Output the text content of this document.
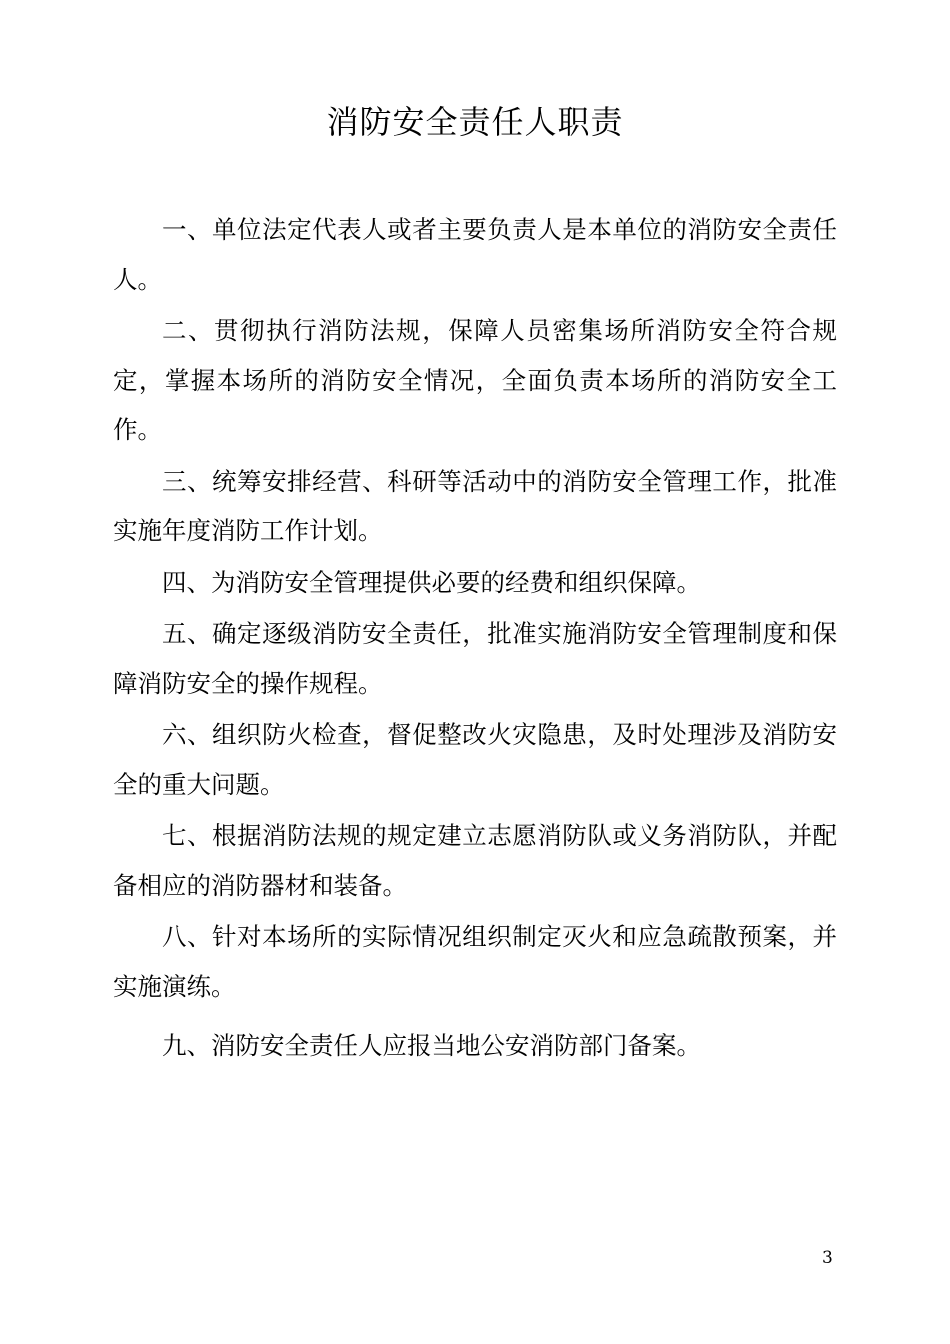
消防安全责任人职责

一、单位法定代表人或者主要负责人是本单位的消防安全责任人。

二、贯彻执行消防法规，保障人员密集场所消防安全符合规定，掌握本场所的消防安全情况，全面负责本场所的消防安全工作。

三、统筹安排经营、科研等活动中的消防安全管理工作，批准实施年度消防工作计划。

四、为消防安全管理提供必要的经费和组织保障。

五、确定逐级消防安全责任，批准实施消防安全管理制度和保障消防安全的操作规程。

六、组织防火检查，督促整改火灾隐患，及时处理涉及消防安全的重大问题。

七、根据消防法规的规定建立志愿消防队或义务消防队，并配备相应的消防器材和装备。

八、针对本场所的实际情况组织制定灭火和应急疏散预案，并实施演练。

九、消防安全责任人应报当地公安消防部门备案。

3
